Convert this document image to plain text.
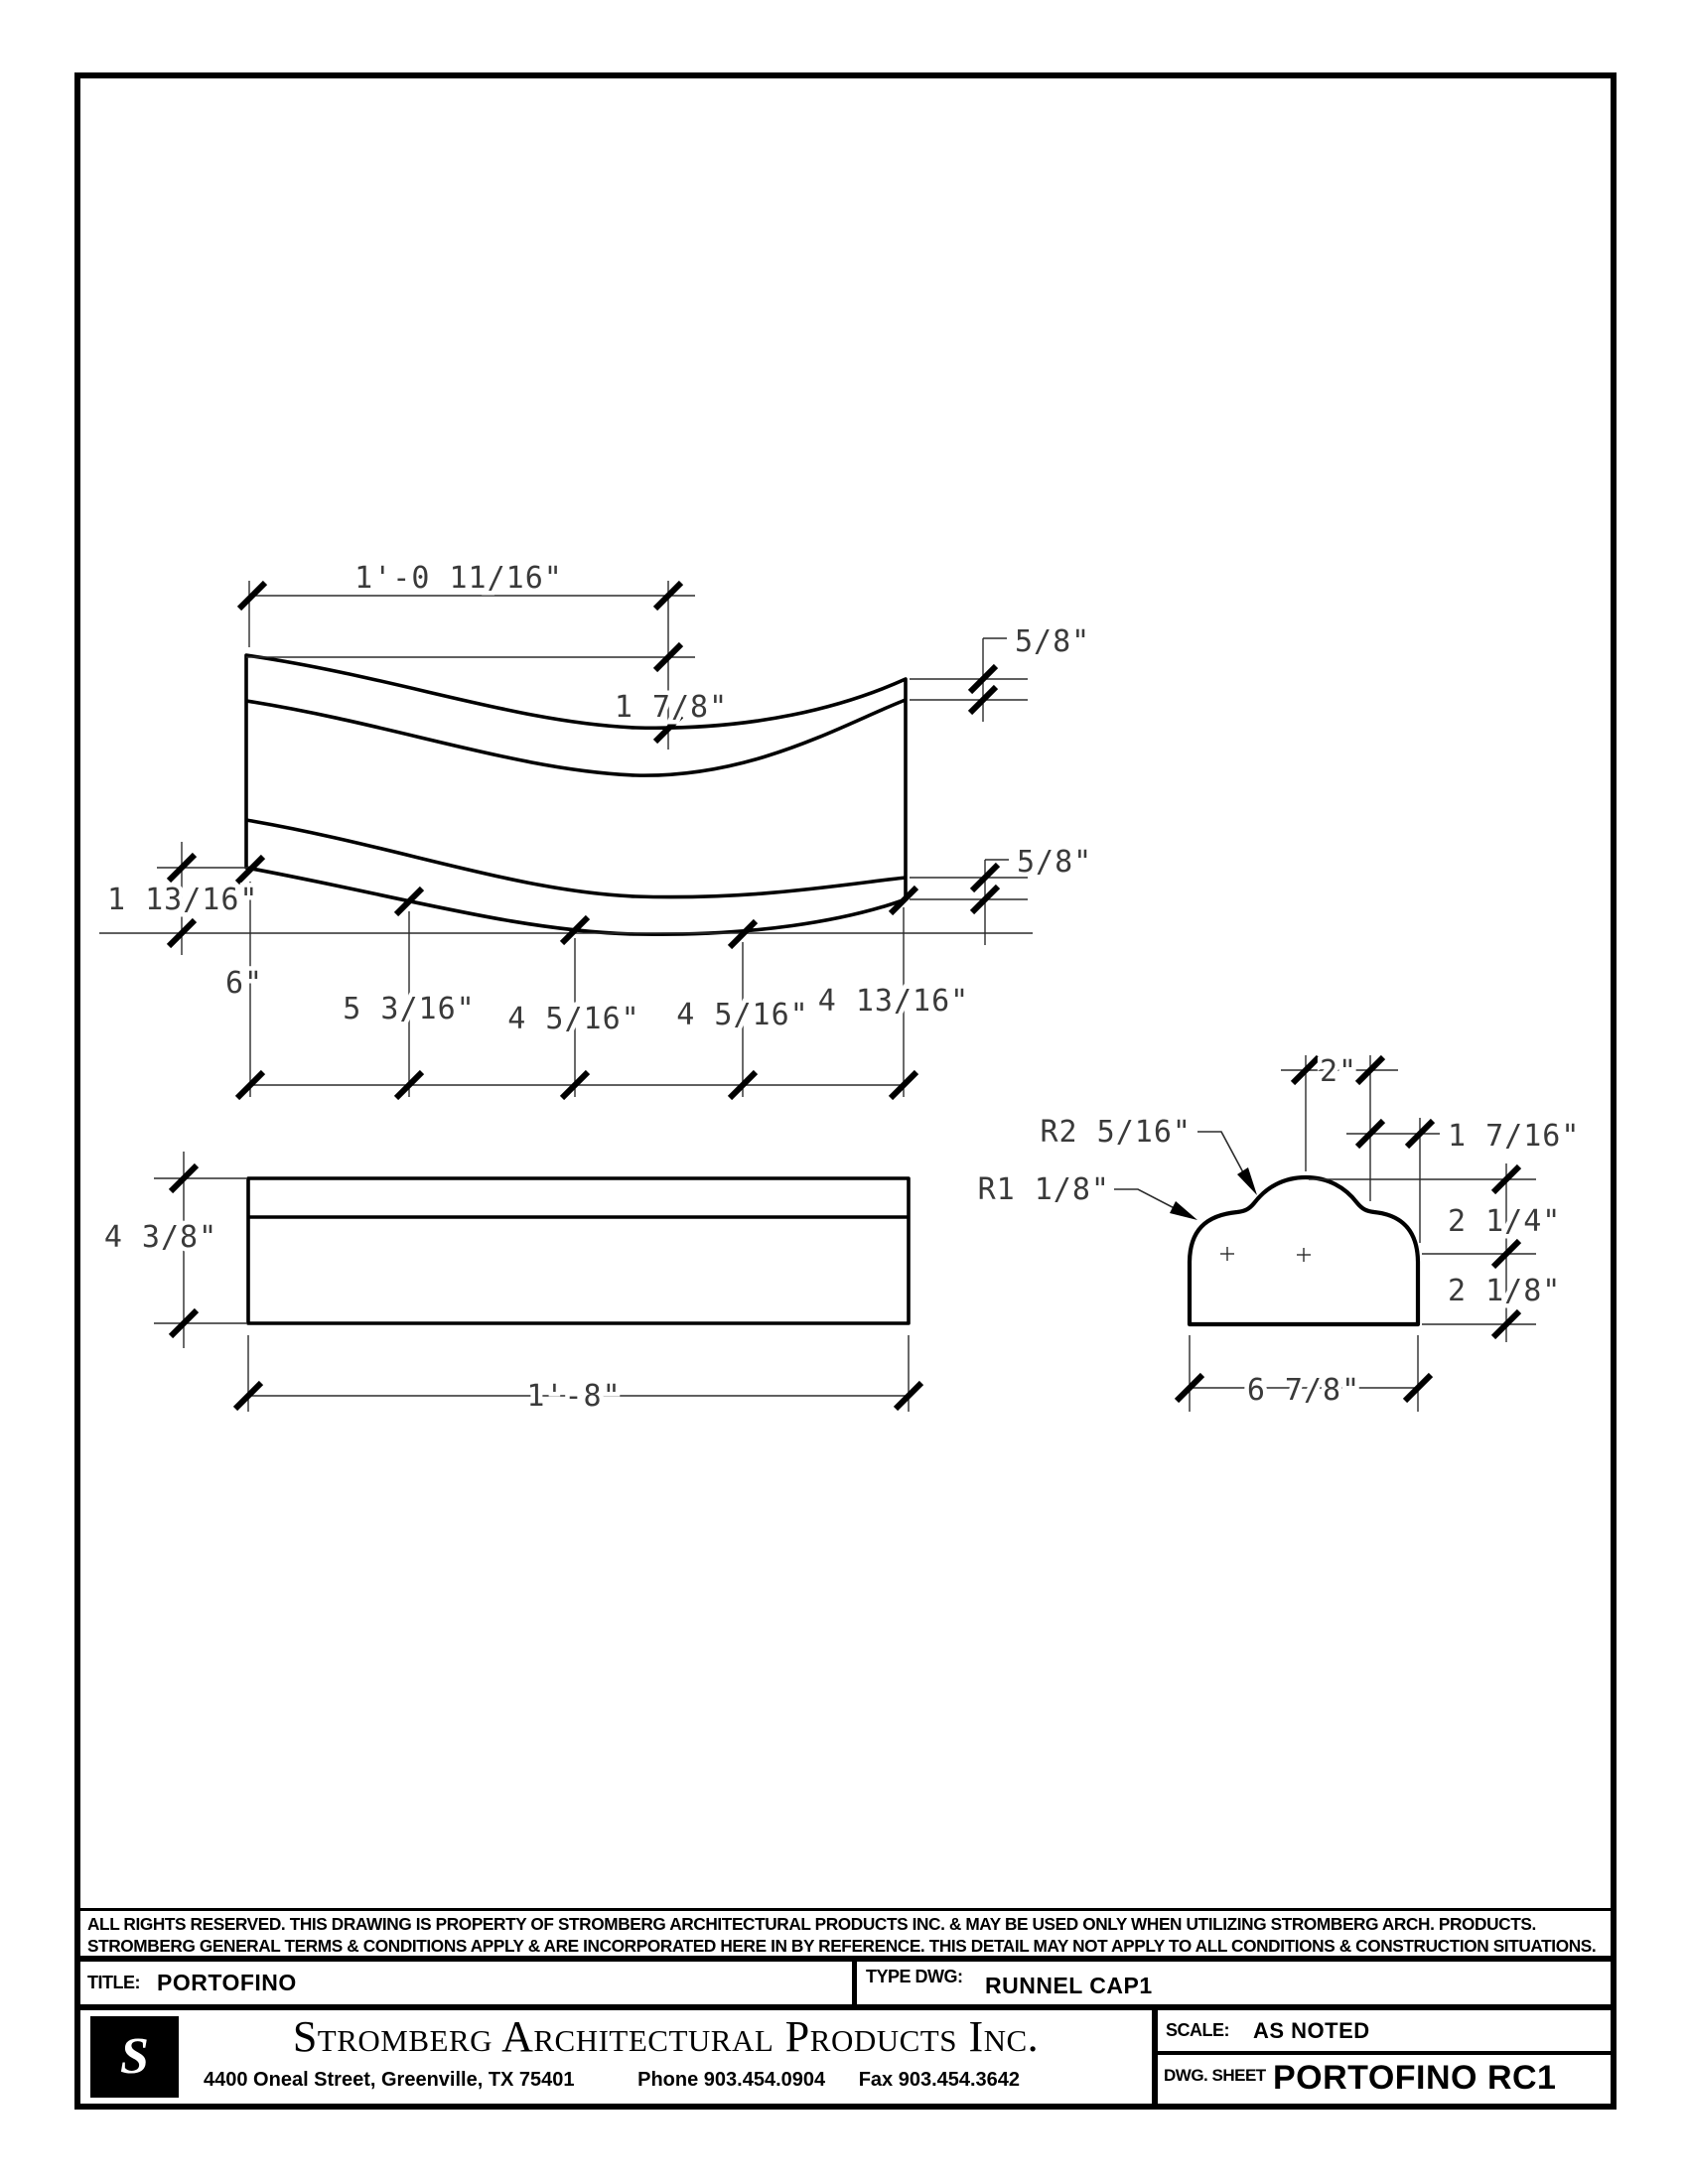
1'-0 11/16"
1 7/8"
5/8"
5/8"
1 13/16"
6"
5 3/16" 4 5/16" 4 5/16" 4 13/16"
4 3/8"
1'-8"
2"
R2 5/16"
R1 1/8"
1 7/16"
2 1/4"
2 1/8"
6 7/8"
ALL RIGHTS RESERVED. THIS DRAWING IS PROPERTY OF STROMBERG ARCHITECTURAL PRODUCTS INC. & MAY BE USED ONLY WHEN UTILIZING STROMBERG ARCH. PRODUCTS.
STROMBERG GENERAL TERMS & CONDITIONS APPLY & ARE INCORPORATED HERE IN BY REFERENCE. THIS DETAIL MAY NOT APPLY TO ALL CONDITIONS & CONSTRUCTION SITUATIONS.
TITLE: PORTOFINO	TYPE DWG: RUNNEL CAP1
S	Stromberg Architectural Products Inc.
4400 Oneal Street, Greenville, TX 75401	Phone 903.454.0904 Fax 903.454.3642
SCALE: AS NOTED
DWG. SHEET PORTOFINO RC1
